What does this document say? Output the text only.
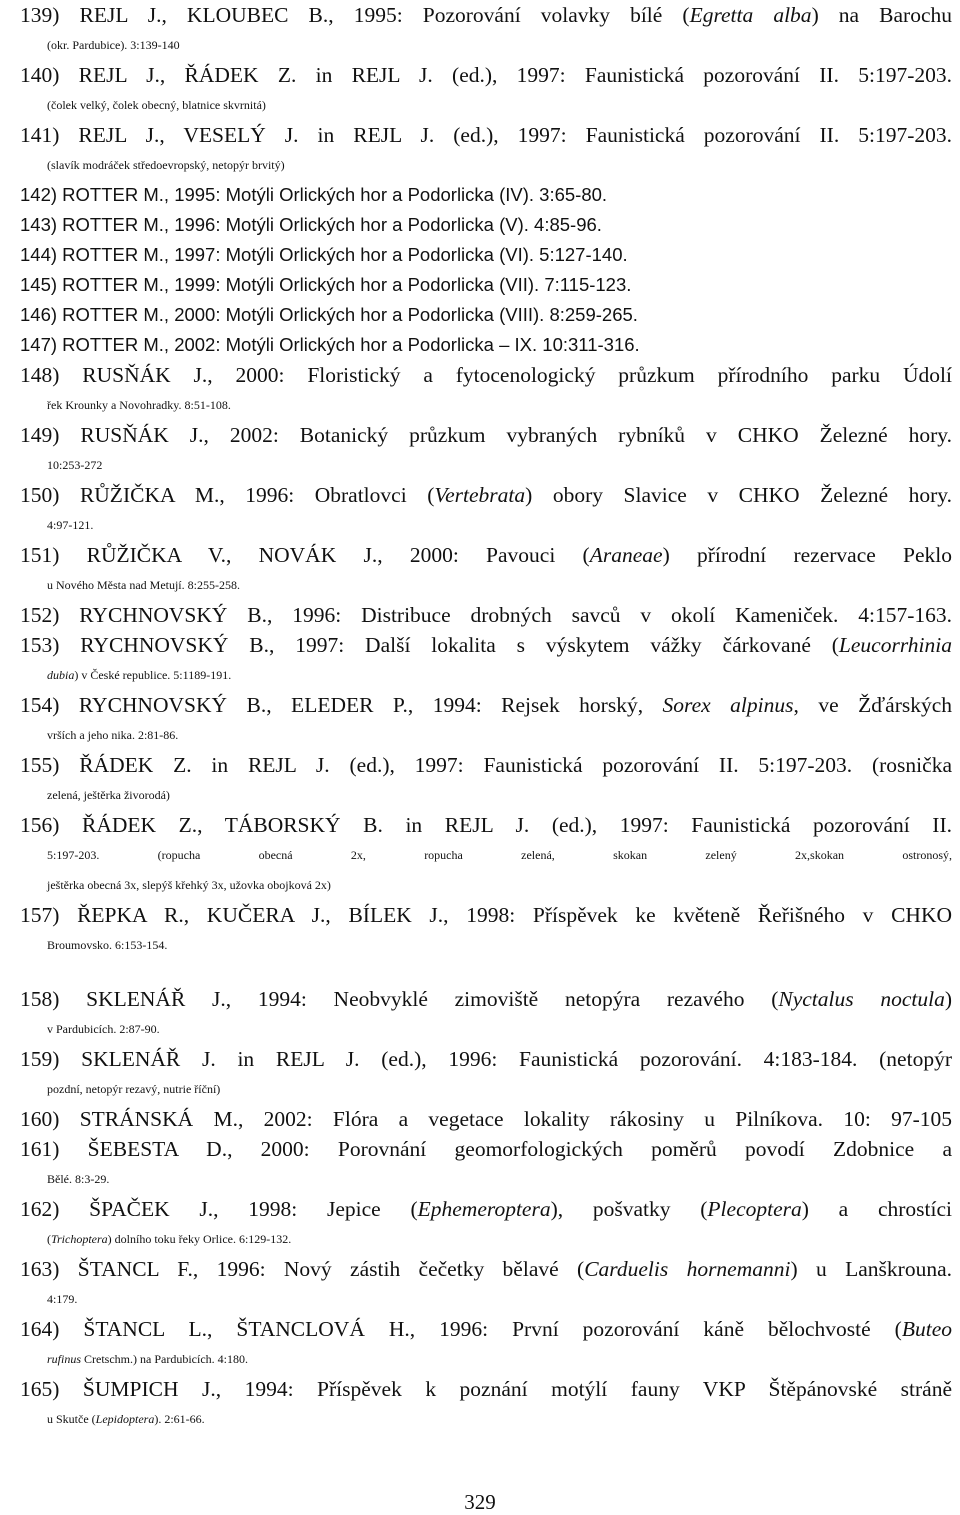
139) REJL J., KLOUBEC B., 1995: Pozorování volavky bílé (Egretta alba) na Barochu
(okr. Pardubice). 3:139-140
140) REJL J., ŘÁDEK Z. in REJL J. (ed.), 1997: Faunistická pozorování II. 5:197-203.
(čolek velký, čolek obecný, blatnice skvrnitá)
141) REJL J., VESELÝ J. in REJL J. (ed.), 1997: Faunistická pozorování II. 5:197-203.
(slavík modráček středoevropský, netopýr brvitý)
142) ROTTER M., 1995: Motýli Orlických hor a Podorlicka (IV). 3:65-80.
143) ROTTER M., 1996: Motýli Orlických hor a Podorlicka (V). 4:85-96.
144) ROTTER M., 1997: Motýli Orlických hor a Podorlicka (VI). 5:127-140.
145) ROTTER M., 1999: Motýli Orlických hor a Podorlicka (VII). 7:115-123.
146) ROTTER M., 2000: Motýli Orlických hor a Podorlicka (VIII). 8:259-265.
147) ROTTER M., 2002: Motýli Orlických hor a Podorlicka – IX. 10:311-316.
148) RUSŇÁK J., 2000: Floristický a fytocenologický průzkum přírodního parku Údolí
řek Krounky a Novohradky. 8:51-108.
149) RUSŇÁK J., 2002: Botanický průzkum vybraných rybníků v CHKO Železné hory.
10:253-272
150) RŮŽIČKA M., 1996: Obratlovci (Vertebrata) obory Slavice v CHKO Železné hory.
4:97-121.
151) RŮŽIČKA V., NOVÁK J., 2000: Pavouci (Araneae) přírodní rezervace Peklo
u Nového Města nad Metují. 8:255-258.
152) RYCHNOVSKÝ B., 1996: Distribuce drobných savců v okolí Kameniček. 4:157-163.
153) RYCHNOVSKÝ B., 1997: Další lokalita s výskytem vážky čárkované (Leucorrhinia
dubia) v České republice. 5:1189-191.
154) RYCHNOVSKÝ B., ELEDER P., 1994: Rejsek horský, Sorex alpinus, ve Žďárských
vrších a jeho nika. 2:81-86.
155) ŘÁDEK Z. in REJL J. (ed.), 1997: Faunistická pozorování II. 5:197-203. (rosnička
zelená, ještěrka živorodá)
156) ŘÁDEK Z., TÁBORSKÝ B. in REJL J. (ed.), 1997: Faunistická pozorování II.
5:197-203. (ropucha obecná 2x, ropucha zelená, skokan zelený 2x,skokan ostronosý,
ještěrka obecná 3x, slepýš křehký 3x, užovka obojková 2x)
157) ŘEPKA R., KUČERA J., BÍLEK J., 1998: Příspěvek ke květeně Řeřišného v CHKO
Broumovsko. 6:153-154.
158) SKLENÁŘ J., 1994: Neobvyklé zimoviště netopýra rezavého (Nyctalus noctula)
v Pardubicích. 2:87-90.
159) SKLENÁŘ J. in REJL J. (ed.), 1996: Faunistická pozorování. 4:183-184. (netopýr
pozdní, netopýr rezavý, nutrie říční)
160) STRÁNSKÁ M., 2002: Flóra a vegetace lokality rákosiny u Pilníkova. 10: 97-105
161) ŠEBESTA D., 2000: Porovnání geomorfologických poměrů povodí Zdobnice a
Bělé. 8:3-29.
162) ŠPAČEK J., 1998: Jepice (Ephemeroptera), pošvatky (Plecoptera) a chrostíci
(Trichoptera) dolního toku řeky Orlice. 6:129-132.
163) ŠTANCL F., 1996: Nový zástih čečetky bělavé (Carduelis hornemanni) u Lanškrouna.
4:179.
164) ŠTANCL L., ŠTANCLOVÁ H., 1996: První pozorování káně bělochvosté (Buteo
rufinus Cretschm.) na Pardubicích. 4:180.
165) ŠUMPICH J., 1994: Příspěvek k poznání motýlí fauny VKP Štěpánovské stráně
u Skutče (Lepidoptera). 2:61-66.
329
